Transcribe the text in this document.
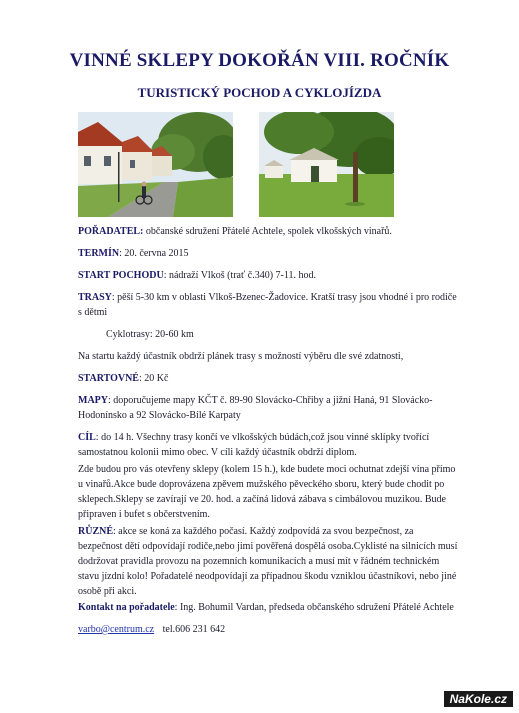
VINNÉ SKLEPY DOKOŘÁN VIII. ROČNÍK
TURISTICKÝ POCHOD A CYKLOJÍZDA
POŘADATEL: občanské sdružení Přátelé Achtele, spolek vlkošských vinařů.
TERMÍN: 20. června 2015
START POCHODU: nádraží Vlkoš (trať č.340) 7-11. hod.
TRASY: pěší 5-30 km v oblasti Vlkoš-Bzenec-Žadovice. Kratší trasy jsou vhodné i pro rodiče s dětmi
Cyklotrasy: 20-60 km
Na startu každý účastník obdrží plánek trasy s možností výběru dle své zdatnosti,
STARTOVNÉ: 20 Kč
MAPY: doporučujeme mapy KČT č. 89-90 Slovácko-Chřiby a jižní Haná, 91 Slovácko-Hodonínsko a 92 Slovácko-Bílé Karpaty
CÍL: do 14 h. Všechny trasy končí ve vlkošských búdách,což jsou vinné sklípky tvořící samostatnou kolonii mimo obec. V cíli každý účastník obdrží diplom.
Zde budou pro vás otevřeny sklepy (kolem 15 h.), kde budete moci ochutnat zdejší vína přímo u vinařů.Akce bude doprovázena zpěvem mužského pěveckého sboru, který bude chodit po sklepech.Sklepy se zavírají ve 20. hod. a začíná lidová zábava s cimbálovou muzikou. Bude připraven i bufet s občerstvením.
RŮZNÉ: akce se koná za každého počasí. Každý zodpovídá za svou bezpečnost, za bezpečnost dětí odpovídají rodiče,nebo jimi pověřená dospělá osoba.Cyklisté na silnicích musí dodržovat pravidla provozu na pozemních komunikacích a musí mít v řádném technickém stavu jízdní kolo! Pořadatelé neodpovídají za případnou škodu vzniklou účastníkovi, nebo jiné osobě při akci.
Kontakt na pořadatele: Ing. Bohumil Vardan, předseda občanského sdružení Přátelé Achtele
varbo@centrum.cz tel.606 231 642
NaKole.cz
